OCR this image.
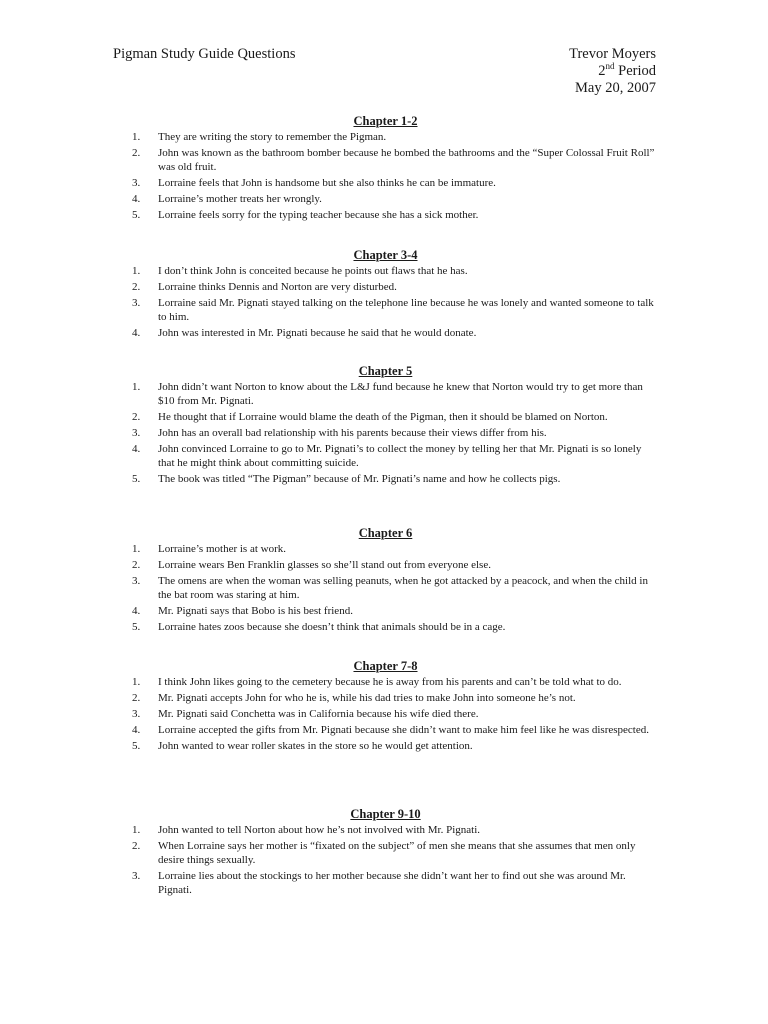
Pigman Study Guide Questions	Trevor Moyers
2nd Period
May 20, 2007
Chapter 1-2
1. They are writing the story to remember the Pigman.
2. John was known as the bathroom bomber because he bombed the bathrooms and the “Super Colossal Fruit Roll” was old fruit.
3. Lorraine feels that John is handsome but she also thinks he can be immature.
4. Lorraine’s mother treats her wrongly.
5. Lorraine feels sorry for the typing teacher because she has a sick mother.
Chapter 3-4
1. I don’t think John is conceited because he points out flaws that he has.
2. Lorraine thinks Dennis and Norton are very disturbed.
3. Lorraine said Mr. Pignati stayed talking on the telephone line because he was lonely and wanted someone to talk to him.
4. John was interested in Mr. Pignati because he said that he would donate.
Chapter 5
1. John didn’t want Norton to know about the L&J fund because he knew that Norton would try to get more than $10 from Mr. Pignati.
2. He thought that if Lorraine would blame the death of the Pigman, then it should be blamed on Norton.
3. John has an overall bad relationship with his parents because their views differ from his.
4. John convinced Lorraine to go to Mr. Pignati’s to collect the money by telling her that Mr. Pignati is so lonely that he might think about committing suicide.
5. The book was titled “The Pigman” because of Mr. Pignati’s name and how he collects pigs.
Chapter 6
1. Lorraine’s mother is at work.
2. Lorraine wears Ben Franklin glasses so she’ll stand out from everyone else.
3. The omens are when the woman was selling peanuts, when he got attacked by a peacock, and when the child in the bat room was staring at him.
4. Mr. Pignati says that Bobo is his best friend.
5. Lorraine hates zoos because she doesn’t think that animals should be in a cage.
Chapter 7-8
1. I think John likes going to the cemetery because he is away from his parents and can’t be told what to do.
2. Mr. Pignati accepts John for who he is, while his dad tries to make John into someone he’s not.
3. Mr. Pignati said Conchetta was in California because his wife died there.
4. Lorraine accepted the gifts from Mr. Pignati because she didn’t want to make him feel like he was disrespected.
5. John wanted to wear roller skates in the store so he would get attention.
Chapter 9-10
1. John wanted to tell Norton about how he’s not involved with Mr. Pignati.
2. When Lorraine says her mother is “fixated on the subject” of men she means that she assumes that men only desire things sexually.
3. Lorraine lies about the stockings to her mother because she didn’t want her to find out she was around Mr. Pignati.
